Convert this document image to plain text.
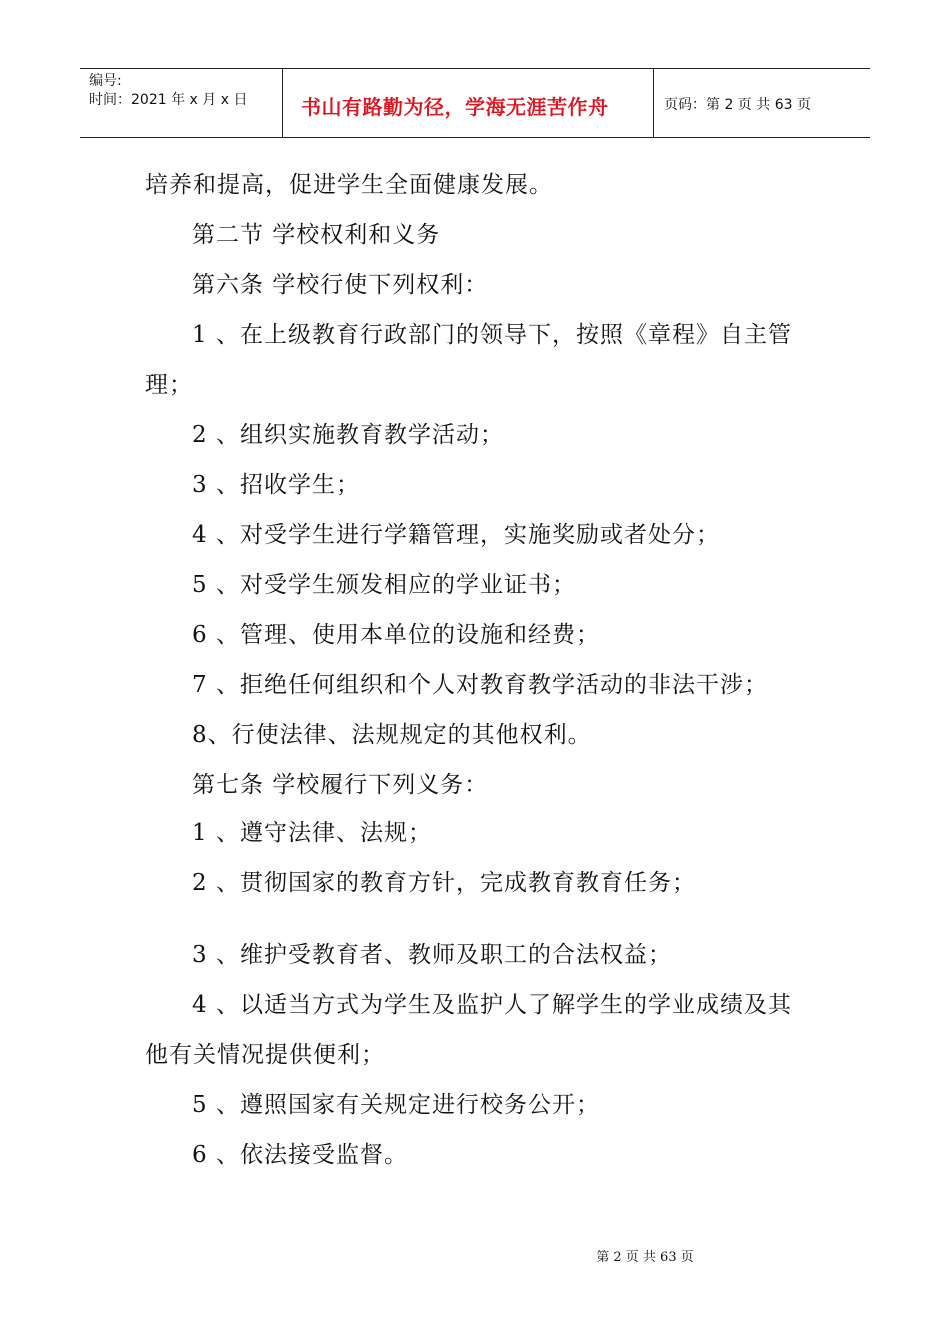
编号:
时间：2021 年 x 月 x 日	书山有路勤为径，学海无涯苦作舟	页码：第 2 页 共 63 页
培养和提高，促进学生全面健康发展。
第二节 学校权利和义务
第六条 学校行使下列权利：
1 、在上级教育行政部门的领导下，按照《章程》自主管
理；
2 、组织实施教育教学活动；
3 、招收学生；
4 、对受学生进行学籍管理，实施奖励或者处分；
5 、对受学生颁发相应的学业证书；
6 、管理、使用本单位的设施和经费；
7 、拒绝任何组织和个人对教育教学活动的非法干涉；
8、行使法律、法规规定的其他权利。
第七条 学校履行下列义务：
1 、遵守法律、法规；
2 、贯彻国家的教育方针，完成教育教育任务；
3 、维护受教育者、教师及职工的合法权益；
4 、以适当方式为学生及监护人了解学生的学业成绩及其
他有关情况提供便利；
5 、遵照国家有关规定进行校务公开；
6 、依法接受监督。
第 2 页 共 63 页
